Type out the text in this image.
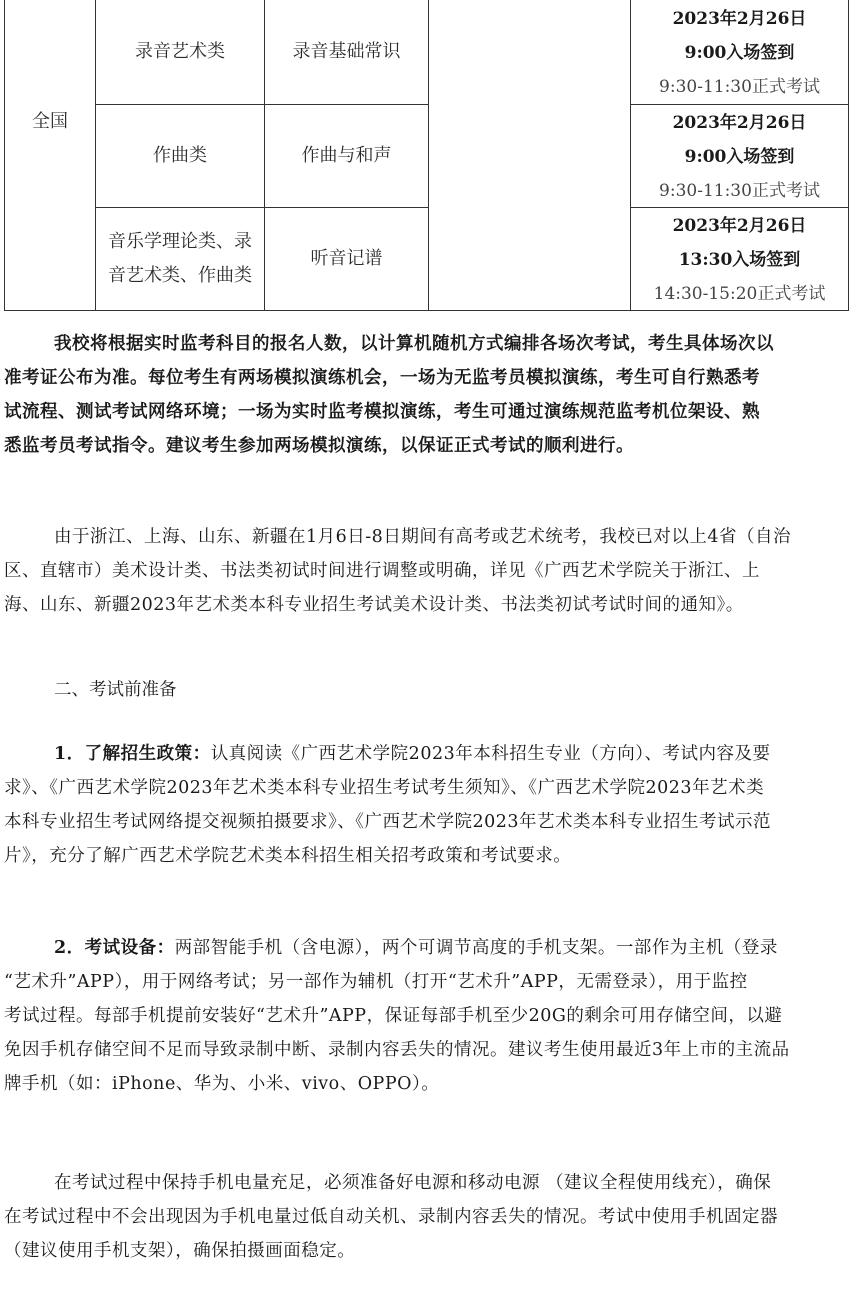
全国
录音艺术类	录音基础常识
2023年2月26日
9:00入场签到
9:30-11:30正式考试
作曲类	作曲与和声
2023年2月26日
9:00入场签到
9:30-11:30正式考试
音乐学理论类、录
音艺术类、作曲类
听音记谱
2023年2月26日
13:30入场签到
14:30-15:20正式考试
我校将根据实时监考科目的报名人数，以计算机随机方式编排各场次考试，考生具体场次以
准考证公布为准。每位考生有两场模拟演练机会，一场为无监考员模拟演练，考生可自行熟悉考
试流程、测试考试网络环境；一场为实时监考模拟演练，考生可通过演练规范监考机位架设、熟
悉监考员考试指令。建议考生参加两场模拟演练，以保证正式考试的顺利进行。
由于浙江、上海、山东、新疆在1月6日-8日期间有高考或艺术统考，我校已对以上4省（自治
区、直辖市）美术设计类、书法类初试时间进行调整或明确，详见《广西艺术学院关于浙江、上
海、山东、新疆2023年艺术类本科专业招生考试美术设计类、书法类初试考试时间的通知》。
二、考试前准备
1．了解招生政策：认真阅读《广西艺术学院2023年本科招生专业（方向）、考试内容及要
求》、《广西艺术学院2023年艺术类本科专业招生考试考生须知》、《广西艺术学院2023年艺术类
本科专业招生考试网络提交视频拍摄要求》、《广西艺术学院2023年艺术类本科专业招生考试示范
片》，充分了解广西艺术学院艺术类本科招生相关招考政策和考试要求。
2．考试设备：两部智能手机（含电源），两个可调节高度的手机支架。一部作为主机（登录
“艺术升”APP），用于网络考试；另一部作为辅机（打开“艺术升”APP，无需登录），用于监控
考试过程。每部手机提前安装好“艺术升”APP，保证每部手机至少20G的剩余可用存储空间，以避
免因手机存储空间不足而导致录制中断、录制内容丢失的情况。建议考生使用最近3年上市的主流品
牌手机（如：iPhone、华为、小米、vivo、OPPO）。
在考试过程中保持手机电量充足，必须准备好电源和移动电源 （建议全程使用线充），确保
在考试过程中不会出现因为手机电量过低自动关机、录制内容丢失的情况。考试中使用手机固定器
（建议使用手机支架），确保拍摄画面稳定。
